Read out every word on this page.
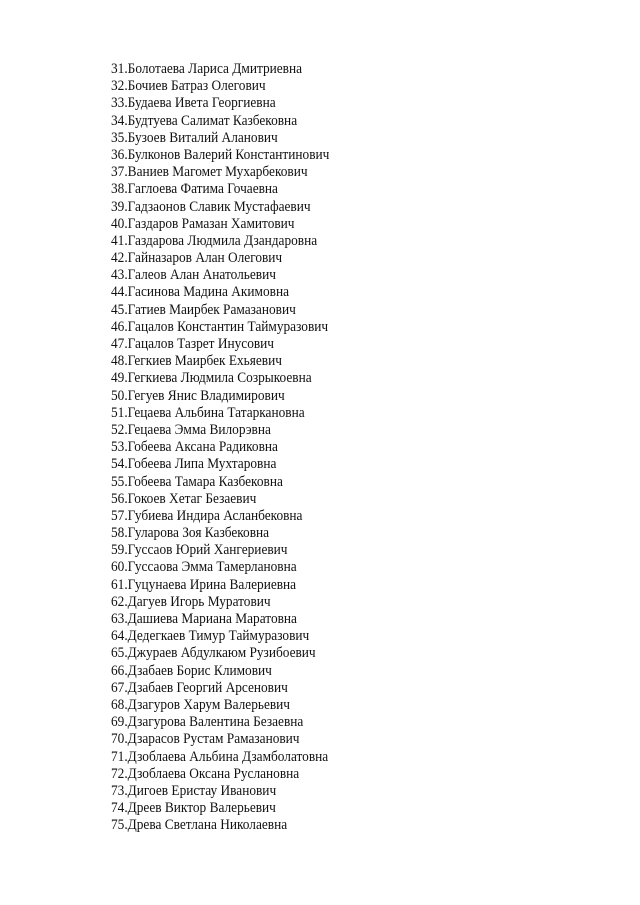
31.Болотаева Лариса Дмитриевна
32.Бочиев Батраз Олегович
33.Будаева Ивета Георгиевна
34.Будтуева Салимат Казбековна
35.Бузоев Виталий Аланович
36.Булконов Валерий Константинович
37.Ваниев Магомет Мухарбекович
38.Гаглоева Фатима Гочаевна
39.Гадзаонов Славик Мустафаевич
40.Газдаров Рамазан Хамитович
41.Газдарова Людмила Дзандаровна
42.Гайназаров Алан Олегович
43.Галеов Алан Анатольевич
44.Гасинова Мадина Акимовна
45.Гатиев Маирбек Рамазанович
46.Гацалов Константин Таймуразович
47.Гацалов Тазрет Инусович
48.Гегкиев Маирбек Ехьяевич
49.Гегкиева Людмила Созрыкоевна
50.Гегуев Янис Владимирович
51.Гецаева Альбина Татаркановна
52.Гецаева Эмма Вилорэвна
53.Гобеева Аксана Радиковна
54.Гобеева Липа Мухтаровна
55.Гобеева Тамара Казбековна
56.Гокоев Хетаг Безаевич
57.Губиева Индира Асланбековна
58.Гуларова Зоя Казбековна
59.Гуссаов Юрий Хангериевич
60.Гуссаова Эмма Тамерлановна
61.Гуцунаева Ирина Валериевна
62.Дагуев Игорь Муратович
63.Дашиева Мариана Маратовна
64.Дедегкаев Тимур Таймуразович
65.Джураев Абдулкаюм Рузибоевич
66.Дзабаев Борис Климович
67.Дзабаев Георгий Арсенович
68.Дзагуров Харум Валерьевич
69.Дзагурова Валентина Безаевна
70.Дзарасов Рустам Рамазанович
71.Дзоблаева Альбина Дзамболатовна
72.Дзоблаева Оксана Руслановна
73.Дигоев Еристау Иванович
74.Дреев Виктор Валерьевич
75.Древа Светлана Николаевна
